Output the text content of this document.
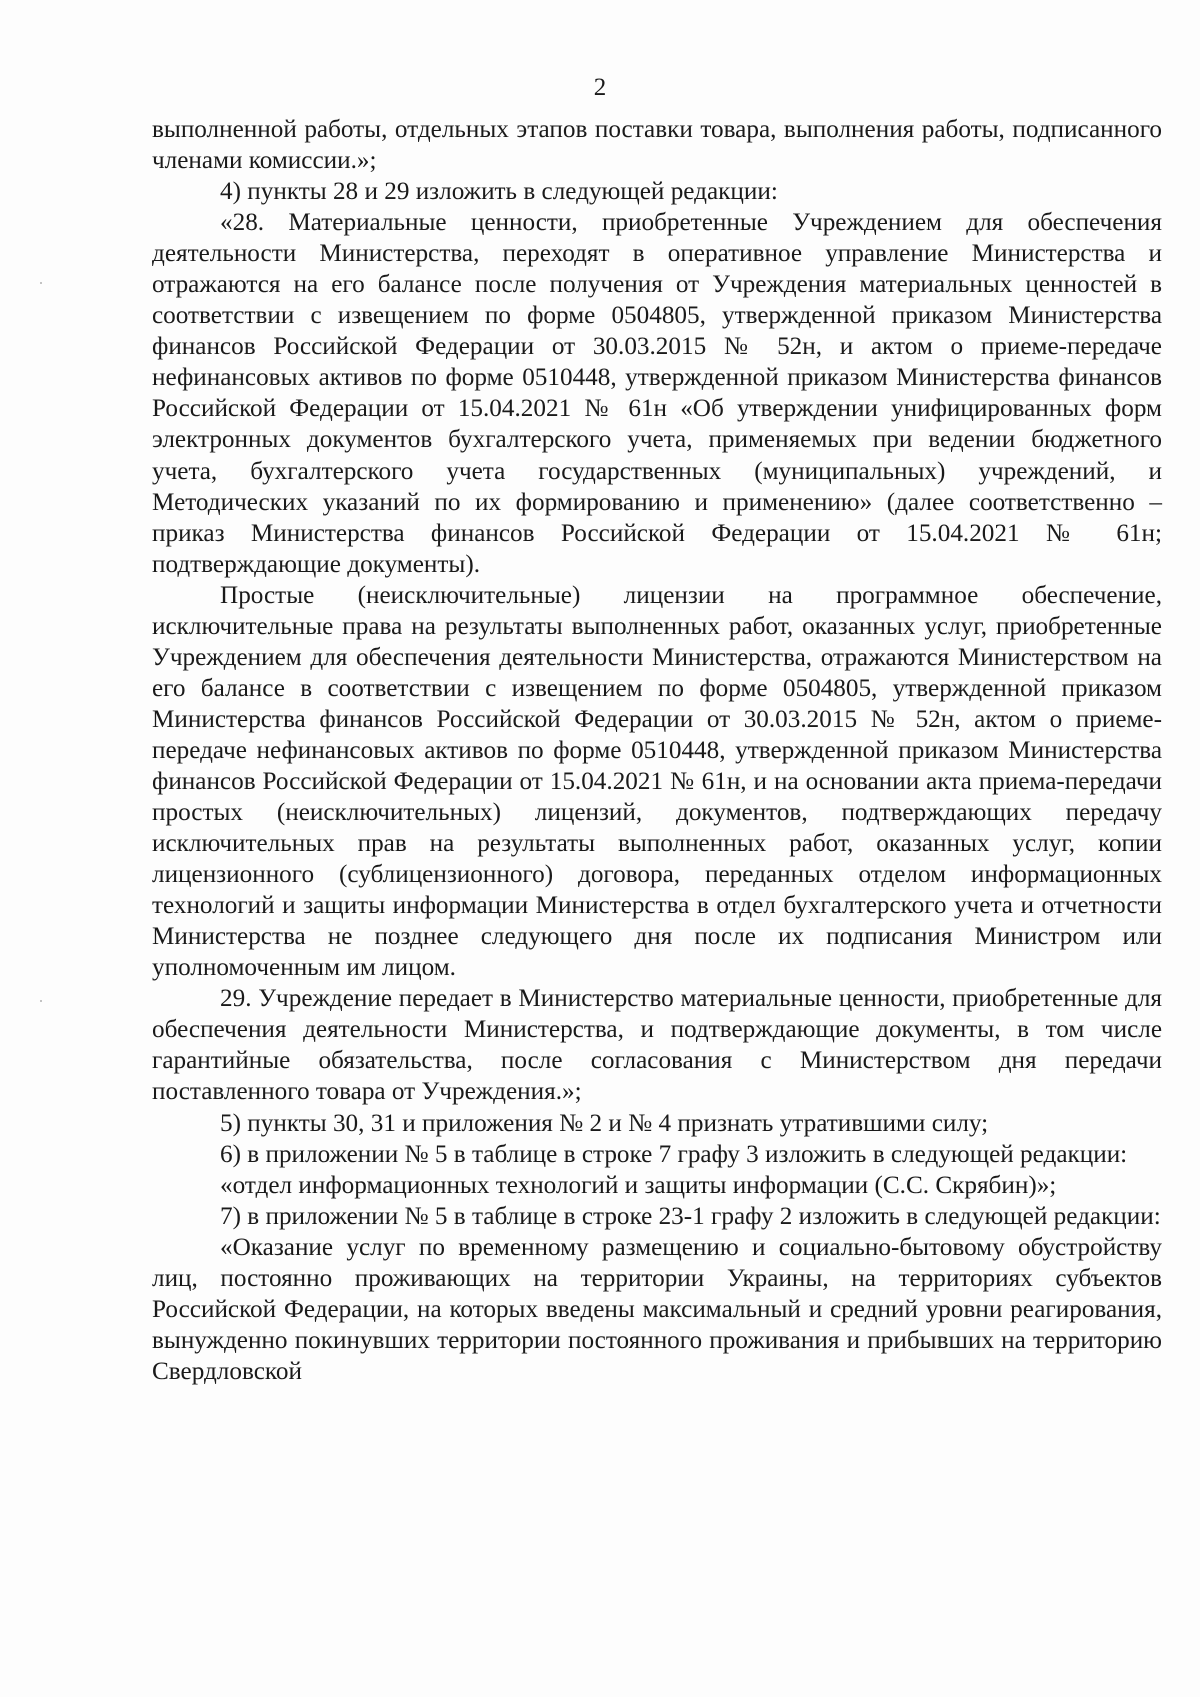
2

выполненной работы, отдельных этапов поставки товара, выполнения работы, подписанного членами комиссии.»;

4) пункты 28 и 29 изложить в следующей редакции:

«28. Материальные ценности, приобретенные Учреждением для обеспечения деятельности Министерства, переходят в оперативное управление Министерства и отражаются на его балансе после получения от Учреждения материальных ценностей в соответствии с извещением по форме 0504805, утвержденной приказом Министерства финансов Российской Федерации от 30.03.2015 № 52н, и актом о приеме-передаче нефинансовых активов по форме 0510448, утвержденной приказом Министерства финансов Российской Федерации от 15.04.2021 № 61н «Об утверждении унифицированных форм электронных документов бухгалтерского учета, применяемых при ведении бюджетного учета, бухгалтерского учета государственных (муниципальных) учреждений, и Методических указаний по их формированию и применению» (далее соответственно – приказ Министерства финансов Российской Федерации от 15.04.2021 № 61н; подтверждающие документы).

Простые (неисключительные) лицензии на программное обеспечение, исключительные права на результаты выполненных работ, оказанных услуг, приобретенные Учреждением для обеспечения деятельности Министерства, отражаются Министерством на его балансе в соответствии с извещением по форме 0504805, утвержденной приказом Министерства финансов Российской Федерации от 30.03.2015 № 52н, актом о приеме-передаче нефинансовых активов по форме 0510448, утвержденной приказом Министерства финансов Российской Федерации от 15.04.2021 № 61н, и на основании акта приема-передачи простых (неисключительных) лицензий, документов, подтверждающих передачу исключительных прав на результаты выполненных работ, оказанных услуг, копии лицензионного (сублицензионного) договора, переданных отделом информационных технологий и защиты информации Министерства в отдел бухгалтерского учета и отчетности Министерства не позднее следующего дня после их подписания Министром или уполномоченным им лицом.

29. Учреждение передает в Министерство материальные ценности, приобретенные для обеспечения деятельности Министерства, и подтверждающие документы, в том числе гарантийные обязательства, после согласования с Министерством дня передачи поставленного товара от Учреждения.»;

5) пункты 30, 31 и приложения № 2 и № 4 признать утратившими силу;

6) в приложении № 5 в таблице в строке 7 графу 3 изложить в следующей редакции:

«отдел информационных технологий и защиты информации (С.С. Скрябин)»;

7) в приложении № 5 в таблице в строке 23-1 графу 2 изложить в следующей редакции:

«Оказание услуг по временному размещению и социально-бытовому обустройству лиц, постоянно проживающих на территории Украины, на территориях субъектов Российской Федерации, на которых введены максимальный и средний уровни реагирования, вынужденно покинувших территории постоянного проживания и прибывших на территорию Свердловской
